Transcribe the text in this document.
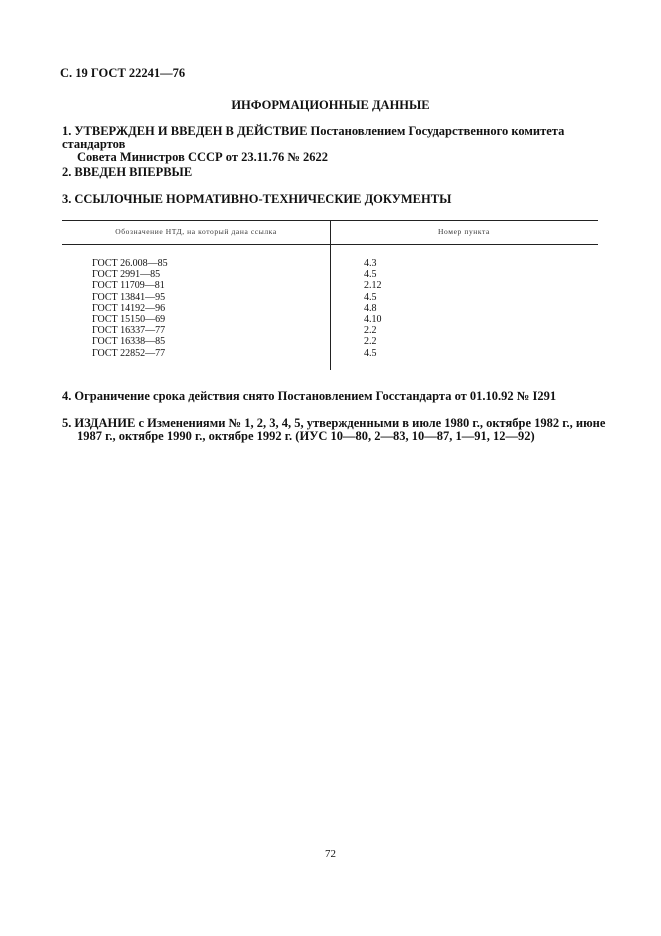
С. 19 ГОСТ 22241—76
ИНФОРМАЦИОННЫЕ ДАННЫЕ
1. УТВЕРЖДЕН И ВВЕДЕН В ДЕЙСТВИЕ Постановлением Государственного комитета стандартов
Совета Министров СССР от 23.11.76 № 2622
2. ВВЕДЕН ВПЕРВЫЕ
3. ССЫЛОЧНЫЕ НОРМАТИВНО-ТЕХНИЧЕСКИЕ ДОКУМЕНТЫ
Обозначение НТД, на который дана ссылка	Номер пункта
ГОСТ 26.008—85
ГОСТ 2991—85
ГОСТ 11709—81
ГОСТ 13841—95
ГОСТ 14192—96
ГОСТ 15150—69
ГОСТ 16337—77
ГОСТ 16338—85
ГОСТ 22852—77
4.3
4.5
2.12
4.5
4.8
4.10
2.2
2.2
4.5
4. Ограничение срока действия снято Постановлением Госстандарта от 01.10.92 № I291
5. ИЗДАНИЕ с Изменениями № 1, 2, 3, 4, 5, утвержденными в июле 1980 г., октябре 1982 г., июне
1987 г., октябре 1990 г., октябре 1992 г. (ИУС 10—80, 2—83, 10—87, 1—91, 12—92)
72
